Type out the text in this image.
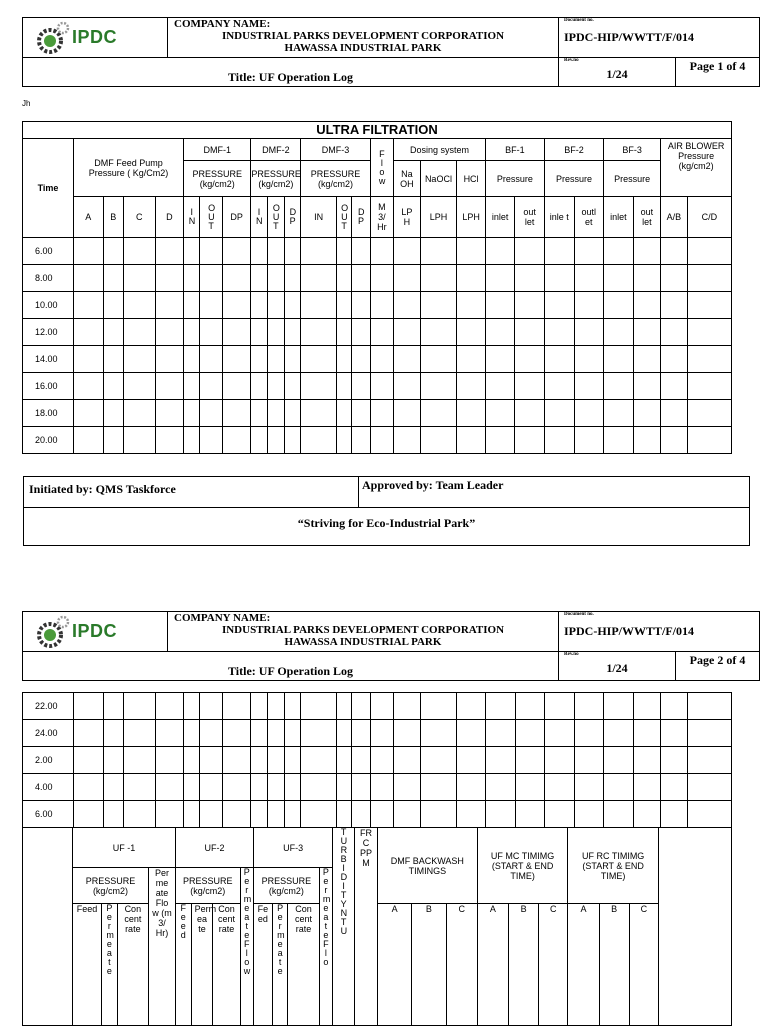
IPDC
COMPANY NAME:
INDUSTRIAL PARKS DEVELOPMENT CORPORATION
HAWASSA INDUSTRIAL PARK
Document no.
IPDC-HIP/WWTT/F/014
Title: UF Operation Log
Rev.no
1/24
Page 1 of 4
Jh
ULTRA FILTRATION																									
Time	DMF Feed Pump Pressure ( Kg/Cm2)				DMF-1			DMF-2			DMF-3			Flow	Dosing system			BF-1		BF-2		BF-3		AIR BLOWER Pressure (kg/cm2)	
					PRESSURE (kg/cm2)			PRESSURE (kg/cm2)			PRESSURE (kg/cm2)				Na OH	NaOCl	HCl	Pressure		Pressure		Pressure			
	A	B	C	D	IN	OUT	DP	IN	OUT	DP	IN	OUT	DP	M 3/ Hr	LP H	LPH	LPH	inlet	out let	inle t	outl et	inlet	out let	A/B	C/D
6.00																									
8.00																									
10.00																									
12.00																									
14.00																									
16.00																									
18.00																									
20.00																									
Initiated by: QMS Taskforce	Approved by: Team Leader
“Striving for Eco-Industrial Park”
IPDC
COMPANY NAME:
INDUSTRIAL PARKS DEVELOPMENT CORPORATION
HAWASSA INDUSTRIAL PARK
Document no.
IPDC-HIP/WWTT/F/014
Title: UF Operation Log
Rev.no
1/24
Page 2 of 4
22.00																									
24.00																									
2.00																									
4.00																									
6.00																									
	UF -1				UF-2				UF-3				TURBIDITY NTU	FR C PP M	DMF BACKWASH TIMINGS			UF MC TIMIMG (START & END TIME)			UF RC TIMIMG (START & END TIME)			
	PRESSURE (kg/cm2)			Per me ate Flo w (m 3/ Hr)	PRESSURE (kg/cm2)			PermeateFlow	PRESSURE (kg/cm2)			PermeateFlo												
	Feed	Permeate	Con cent rate		Feed	Perm ea te	Con cent rate		Fe ed	Permeate	Con cent rate				A	B	C	A	B	C	A	B	C	
